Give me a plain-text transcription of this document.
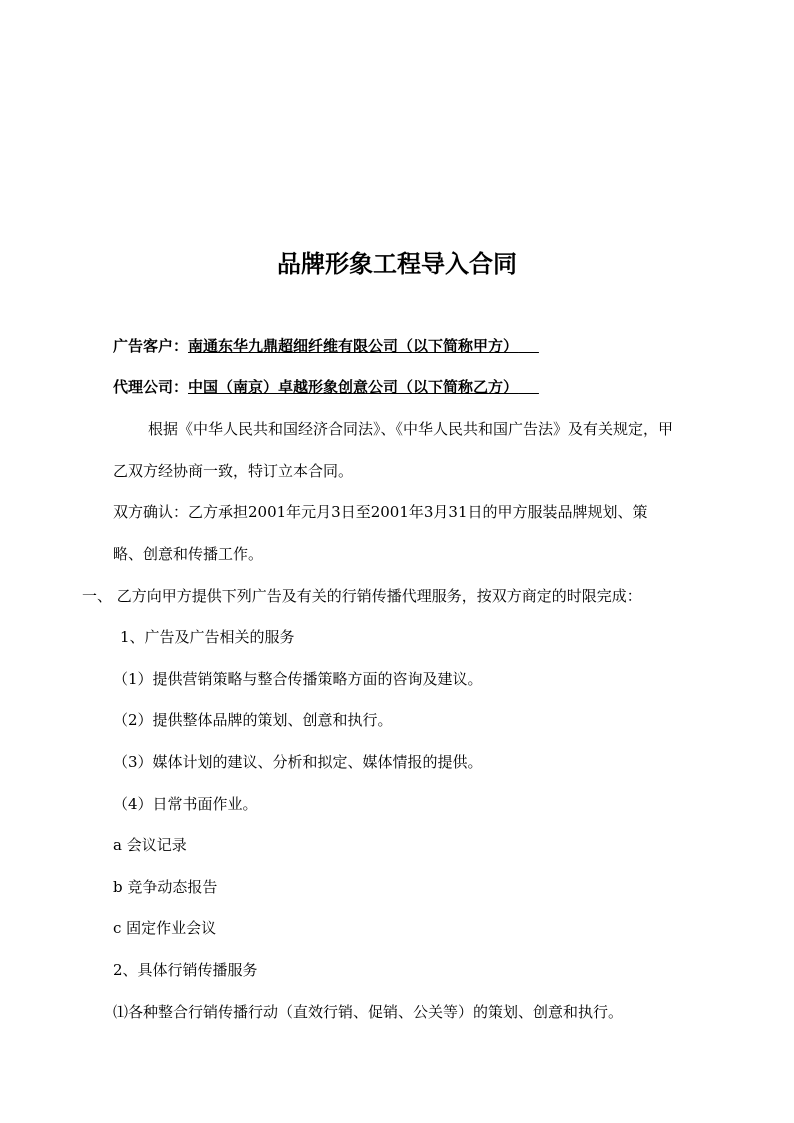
品牌形象工程导入合同
广告客户：南通东华九鼎超细纤维有限公司（以下简称甲方）
代理公司：中国（南京）卓越形象创意公司（以下简称乙方）
根据《中华人民共和国经济合同法》、《中华人民共和国广告法》及有关规定，甲
乙双方经协商一致，特订立本合同。
双方确认：乙方承担2001年元月3日至2001年3月31日的甲方服装品牌规划、策
略、创意和传播工作。
一、 乙方向甲方提供下列广告及有关的行销传播代理服务，按双方商定的时限完成：
1、广告及广告相关的服务
（1）提供营销策略与整合传播策略方面的咨询及建议。
（2）提供整体品牌的策划、创意和执行。
（3）媒体计划的建议、分析和拟定、媒体情报的提供。
（4）日常书面作业。
a 会议记录
b 竞争动态报告
c 固定作业会议
2、具体行销传播服务
⑴各种整合行销传播行动（直效行销、促销、公关等）的策划、创意和执行。
